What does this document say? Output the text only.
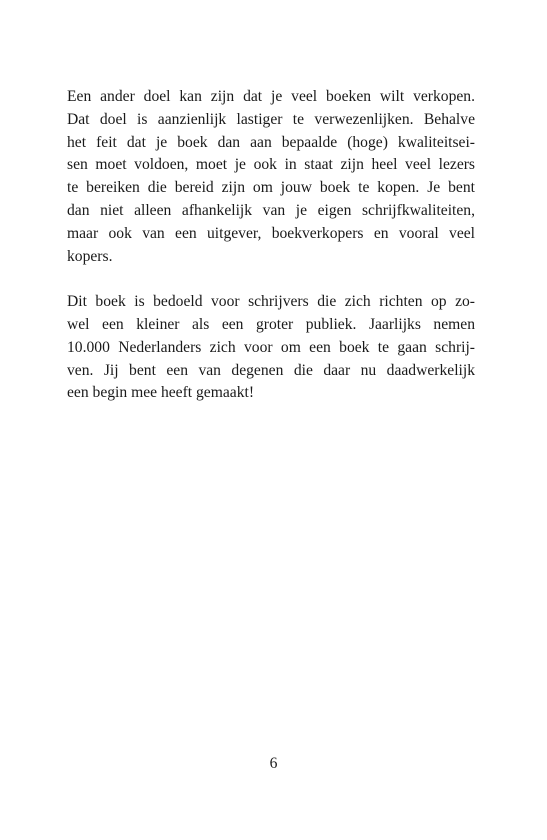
Een ander doel kan zijn dat je veel boeken wilt verkopen.
Dat doel is aanzienlijk lastiger te verwezenlijken. Behalve
het feit dat je boek dan aan bepaalde (hoge) kwaliteitsei-
sen moet voldoen, moet je ook in staat zijn heel veel lezers
te bereiken die bereid zijn om jouw boek te kopen. Je bent
dan niet alleen afhankelijk van je eigen schrijfkwaliteiten,
maar ook van een uitgever, boekverkopers en vooral veel
kopers.
Dit boek is bedoeld voor schrijvers die zich richten op zo-
wel een kleiner als een groter publiek. Jaarlijks nemen
10.000 Nederlanders zich voor om een boek te gaan schrij-
ven. Jij bent een van degenen die daar nu daadwerkelijk
een begin mee heeft gemaakt!
6
